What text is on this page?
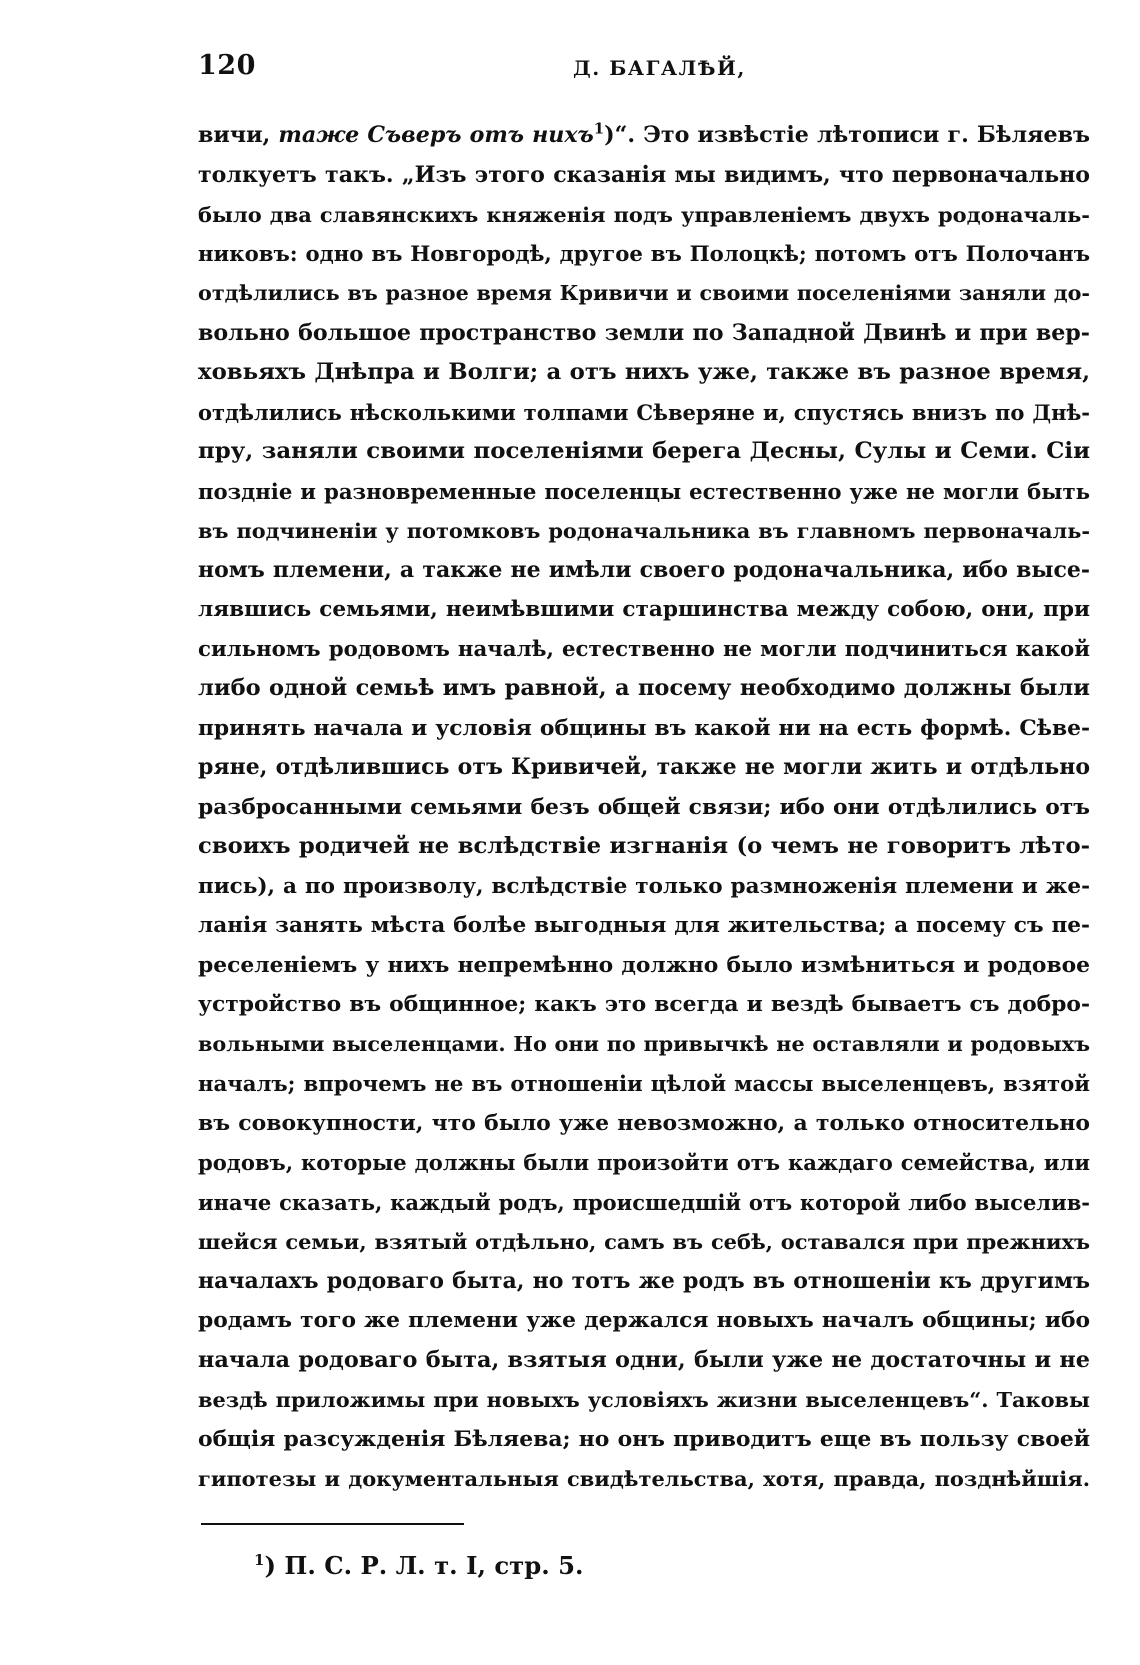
120	Д. БАГАЛѢЙ,
вичи, таже Съверъ отъ нихъ$^1$)“. Это извѣстіе лѣтописи г. Бѣляевъ
толкуетъ такъ. „Изъ этого сказанія мы видимъ, что первоначально
было два славянскихъ княженія подъ управленіемъ двухъ родоначаль-
никовъ: одно въ Новгородѣ, другое въ Полоцкѣ; потомъ отъ Полочанъ
отдѣлились въ разное время Кривичи и своими поселеніями заняли до-
вольно большое пространство земли по Западной Двинѣ и при вер-
ховьяхъ Днѣпра и Волги; а отъ нихъ уже, также въ разное время,
отдѣлились нѣсколькими толпами Сѣверяне и, спустясь внизъ по Днѣ-
пру, заняли своими поселеніями берега Десны, Сулы и Семи. Сіи
поздніе и разновременные поселенцы естественно уже не могли быть
въ подчиненіи у потомковъ родоначальника въ главномъ первоначаль-
номъ племени, а также не имѣли своего родоначальника, ибо высе-
лявшись семьями, неимѣвшими старшинства между собою, они, при
сильномъ родовомъ началѣ, естественно не могли подчиниться какой
либо одной семьѣ имъ равной, а посему необходимо должны были
принять начала и условія общины въ какой ни на есть формѣ. Сѣве-
ряне, отдѣлившись отъ Кривичей, также не могли жить и отдѣльно
разбросанными семьями безъ общей связи; ибо они отдѣлились отъ
своихъ родичей не вслѣдствіе изгнанія (о чемъ не говоритъ лѣто-
пись), а по произволу, вслѣдствіе только размноженія племени и же-
ланія занять мѣста болѣе выгодныя для жительства; а посему съ пе-
реселеніемъ у нихъ непремѣнно должно было измѣниться и родовое
устройство въ общинное; какъ это всегда и вездѣ бываетъ съ добро-
вольными выселенцами. Но они по привычкѣ не оставляли и родовыхъ
началъ; впрочемъ не въ отношеніи цѣлой массы выселенцевъ, взятой
въ совокупности, что было уже невозможно, а только относительно
родовъ, которые должны были произойти отъ каждаго семейства, или
иначе сказать, каждый родъ, происшедшій отъ которой либо выселив-
шейся семьи, взятый отдѣльно, самъ въ себѣ, оставался при прежнихъ
началахъ родоваго быта, но тотъ же родъ въ отношеніи къ другимъ
родамъ того же племени уже держался новыхъ началъ общины; ибо
начала родоваго быта, взятыя одни, были уже не достаточны и не
вездѣ приложимы при новыхъ условіяхъ жизни выселенцевъ“. Таковы
общія разсужденія Бѣляева; но онъ приводитъ еще въ пользу своей
гипотезы и документальныя свидѣтельства, хотя, правда, позднѣйшія.
$^1$) П. С. Р. Л. т. I, стр. 5.
